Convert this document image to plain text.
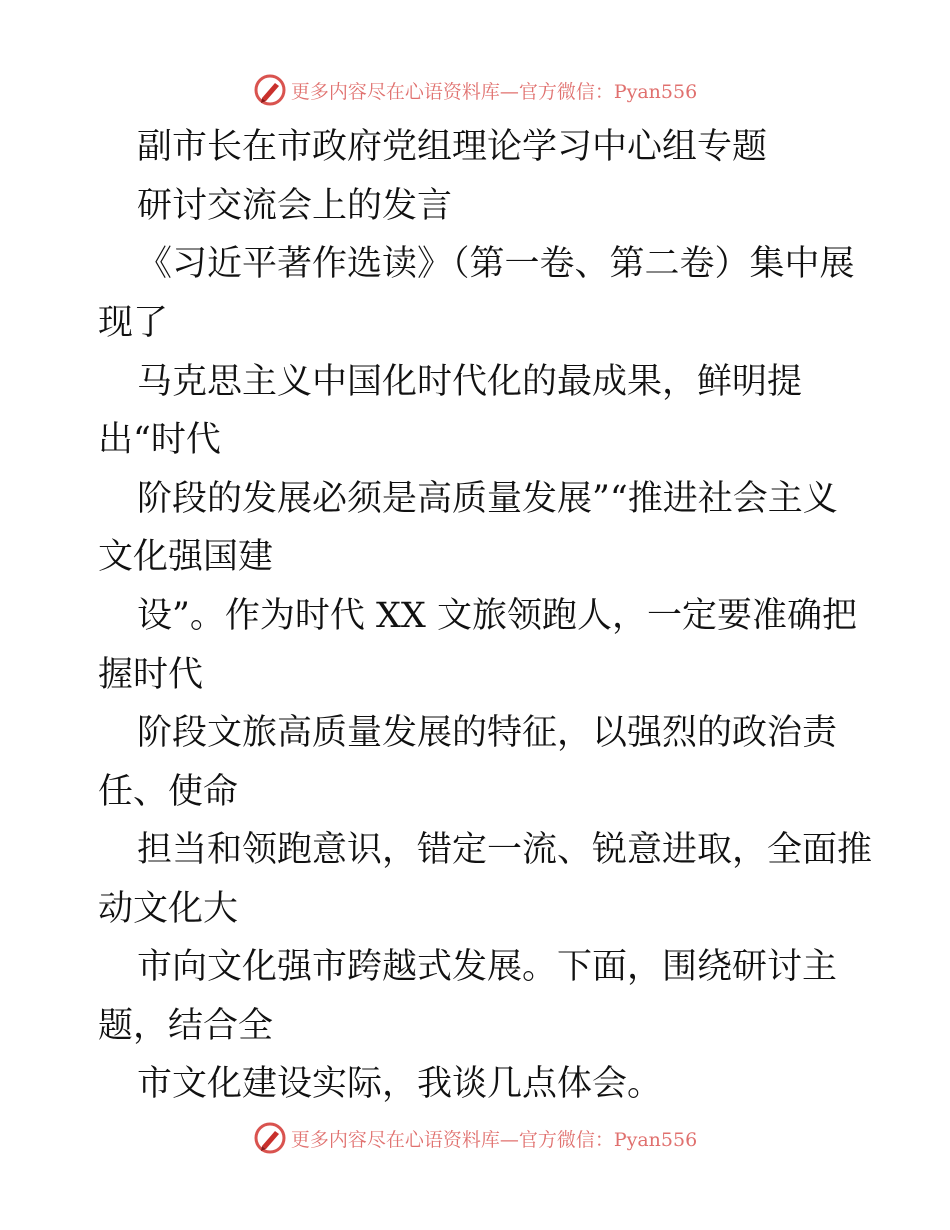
更多内容尽在心语资料库—官方微信：Pyan556
副市长在市政府党组理论学习中心组专题
研讨交流会上的发言
《习近平著作选读》（第一卷、第二卷）集中展
现了
马克思主义中国化时代化的最成果，鲜明提
出“时代
阶段的发展必须是高质量发展”“推进社会主义
文化强国建
设”。作为时代 XX 文旅领跑人，一定要准确把
握时代
阶段文旅高质量发展的特征，以强烈的政治责
任、使命
担当和领跑意识，错定一流、锐意进取，全面推
动文化大
市向文化强市跨越式发展。下面，围绕研讨主
题，结合全
市文化建设实际，我谈几点体会。
更多内容尽在心语资料库—官方微信：Pyan556
